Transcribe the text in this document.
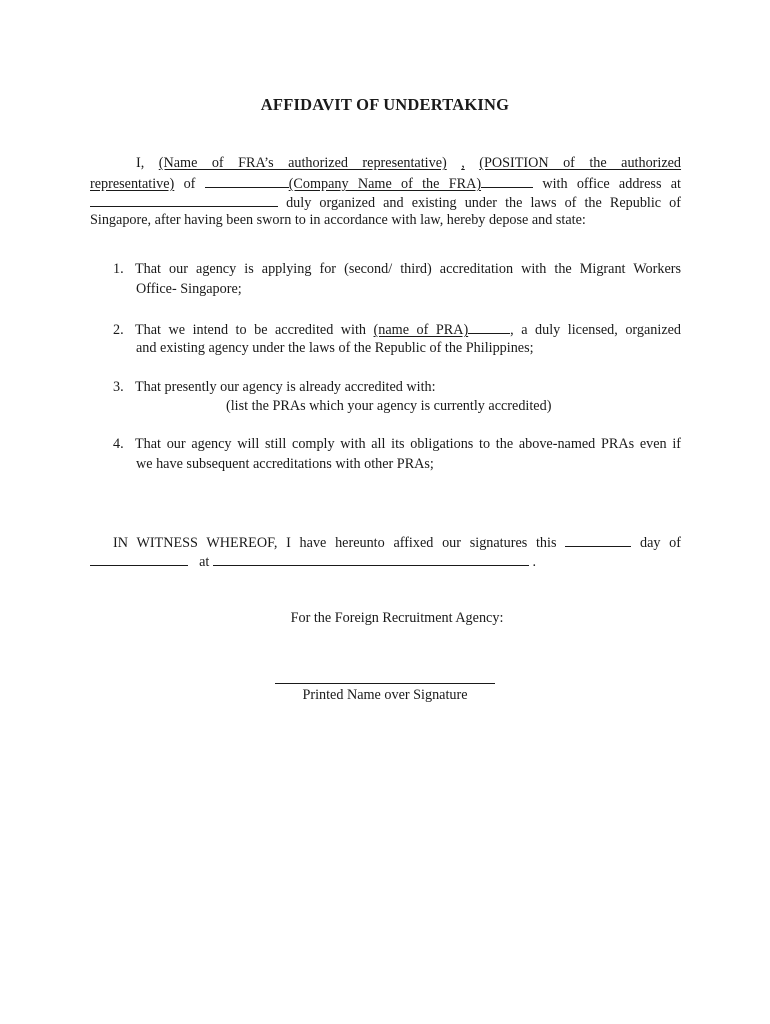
AFFIDAVIT OF UNDERTAKING
I, (Name of FRA’s authorized representative) , (POSITION of the authorized
representative) of	(Company Name of the FRA)	with office address at
duly organized and existing under the laws of the Republic of
Singapore, after having been sworn to in accordance with law, hereby depose and state:
1. That our agency is applying for (second/ third) accreditation with the Migrant Workers
Office- Singapore;
2. That we intend to be accredited with (name of PRA)	, a duly licensed, organized
and existing agency under the laws of the Republic of the Philippines;
3. That presently our agency is already accredited with:
(list the PRAs which your agency is currently accredited)
4. That our agency will still comply with all its obligations to the above-named PRAs even if
we have subsequent accreditations with other PRAs;
IN WITNESS WHEREOF, I have hereunto affixed our signatures this	day of
at	.
For the Foreign Recruitment Agency:
Printed Name over Signature
